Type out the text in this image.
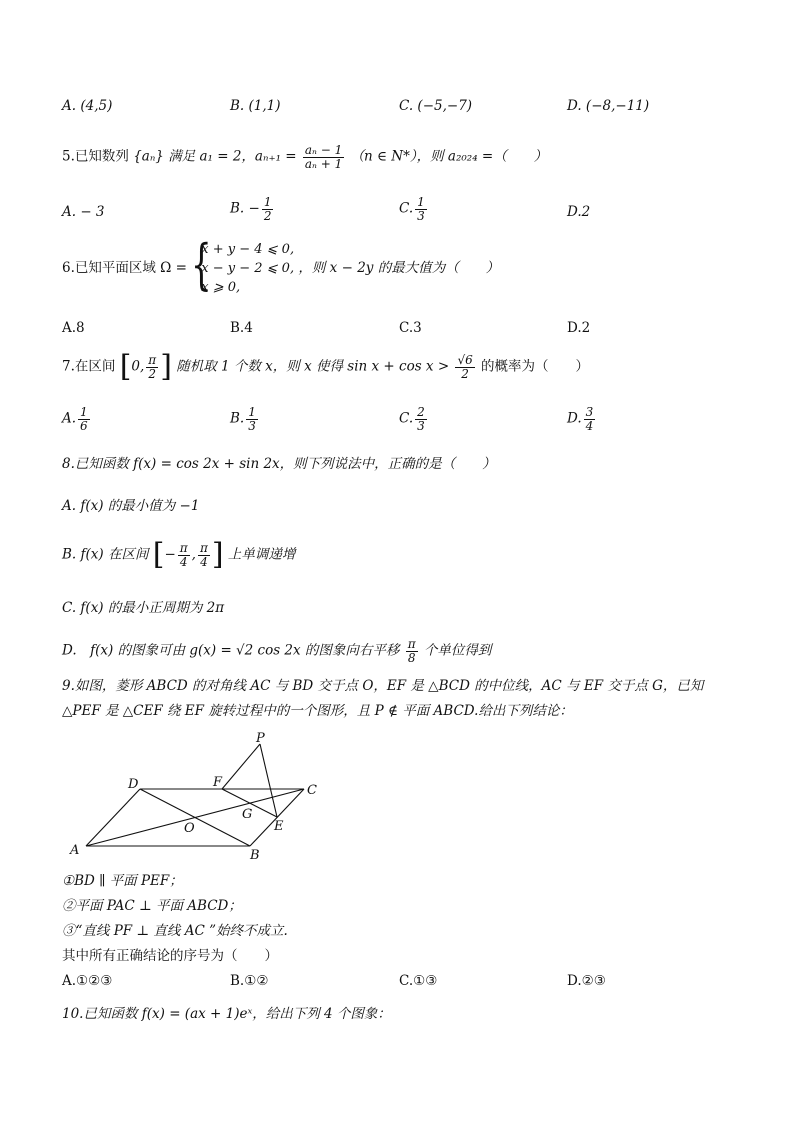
A. (4,5)	B. (1,1)	C. (−5,−7)	D. (−8,−11)
5.已知数列 {aₙ} 满足 a₁ = 2，$a_{n+1} = \frac{\text{aₙ − 1}}{\text{aₙ + 1}} (n$ ∈ N*），则 a₂₀₂₄ =（　　）
A. − 3	B. − $\frac{1}{2}$	C. $\frac{1}{3}$	D.2
6.已知平面区域 Ω = {
x + y − 4 ⩽ 0,
x − y − 2 ⩽ 0,
x ⩾ 0,
，则 x − 2y 的最大值为（　　）
A.8	B.4	C.3	D.2
7.在区间 [0, $\frac{\pi}{2}$ ] 随机取 1 个数 x，则 x 使得 $\sin x + \cos x > \frac{√6}{2}$ 的概率为（　　）
A. $\frac{1}{6}$	B. $\frac{1}{3}$	C. $\frac{2}{3}$	D. $\frac{3}{4}$
8.已知函数 f(x) = cos 2x + sin 2x，则下列说法中，正确的是（　　）
A. f(x) 的最小值为 −1
B. f(x) 在区间 [− $\frac{\pi}{4}$ , $\frac{\pi}{4}$ ] 上单调递增
C. f(x) 的最小正周期为 2π
D.　f(x) 的图象可由 g(x) = √2 cos 2x 的图象向右平移 $\frac{\pi}{8}$ 个单位得到
9.如图，菱形 ABCD 的对角线 AC 与 BD 交于点 O，EF 是 △BCD 的中位线，AC 与 EF 交于点 G，已知
△PEF 是 △CEF 绕 EF 旋转过程中的一个图形，且 P ∉ 平面 ABCD.给出下列结论：
P
D	F
C
G
O	E
A	B
①BD ∥ 平面 PEF；
②平面 PAC ⊥ 平面 ABCD；
③“直线 PF ⊥ 直线 AC ”始终不成立.
其中所有正确结论的序号为（　　）
A.①②③	B.①②	C.①③	D.②③
10.已知函数 f(x) = (ax + 1)eˣ，给出下列 4 个图象：
